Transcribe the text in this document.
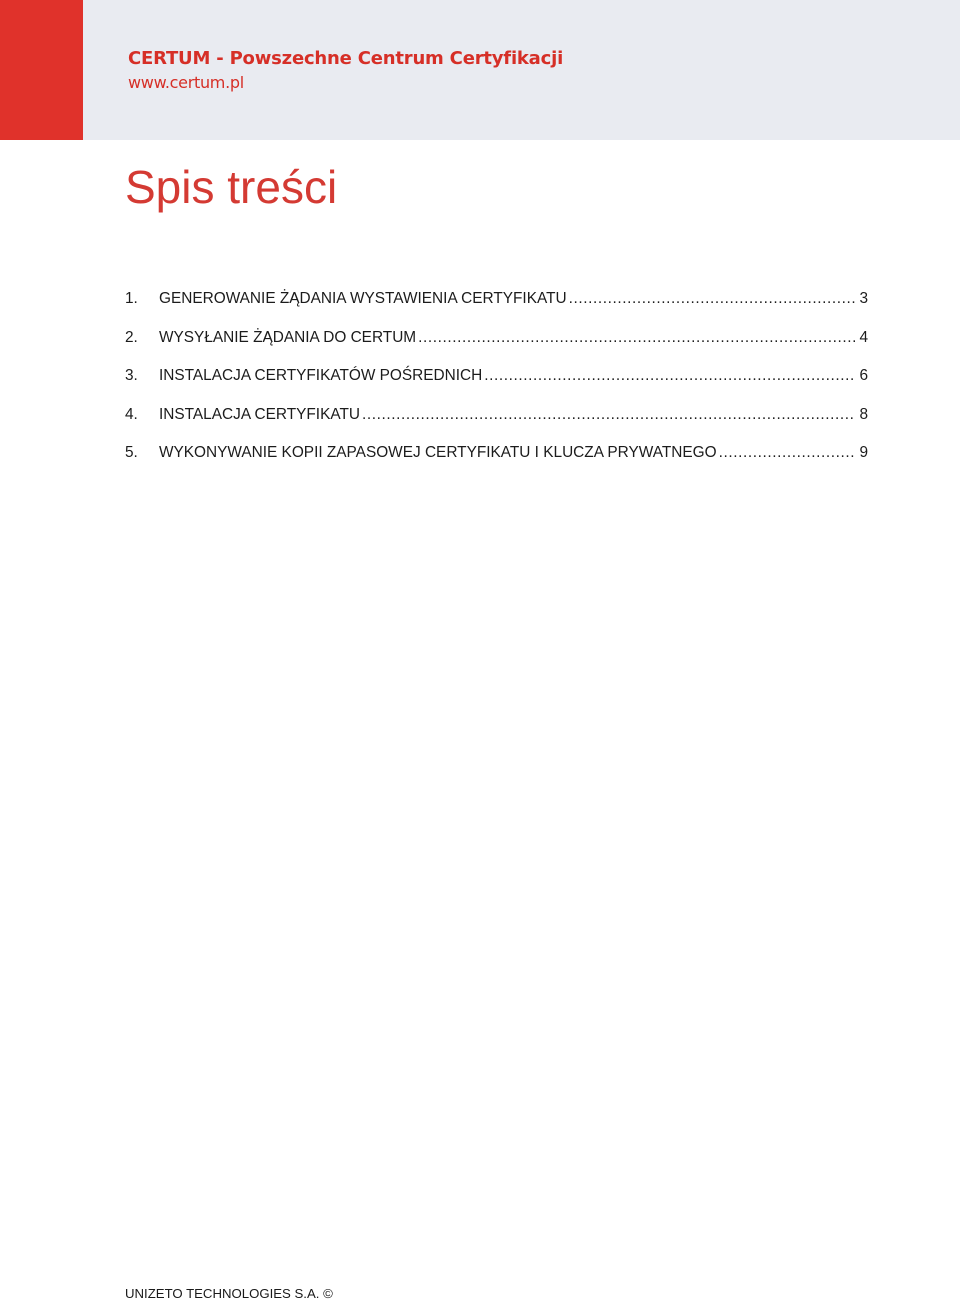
CERTUM - Powszechne Centrum Certyfikacji
www.certum.pl
Spis treści
1.	GENEROWANIE ŻĄDANIA WYSTAWIENIA CERTYFIKATU .....	3
2.	WYSYŁANIE ŻĄDANIA DO CERTUM .....	4
3.	INSTALACJA CERTYFIKATÓW POŚREDNICH .....	6
4.	INSTALACJA CERTYFIKATU .....	8
5.	WYKONYWANIE KOPII ZAPASOWEJ CERTYFIKATU I KLUCZA PRYWATNEGO .....	9
UNIZETO TECHNOLOGIES S.A. ©
